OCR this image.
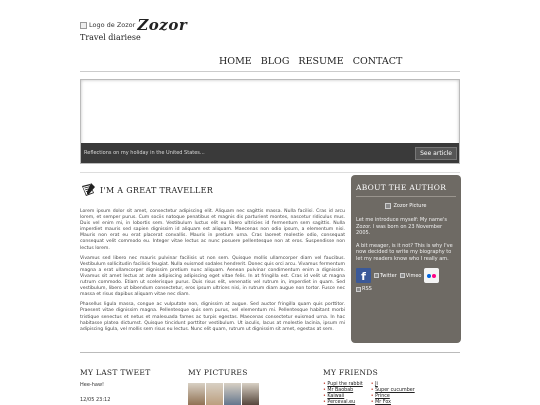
Logo de Zozor Zozor
Travel diariese
HOME BLOG RESUME CONTACT
Reflections on my holiday in the United States...	See article
I'M A GREAT TRAVELLER

Lorem ipsum dolor sit amet, consectetur adipiscing elit. Aliquam nec sagittis massa. Nulla facilisi. Cras id arcu lorem, et semper purus. Cum sociis natoque penatibus et magnis dis parturient montes, nascetur ridiculus mus. Duis vel enim mi, in lobortis sem. Vestibulum luctus elit eu libero ultricies id fermentum sem sagittis. Nulla imperdiet mauris sed sapien dignissim id aliquam est aliquam. Maecenas non odio ipsum, a elementum nisi. Mauris non erat eu erat placerat convallis. Mauris in pretium urna. Cras laoreet molestie odio, consequat consequat velit commodo eu. Integer vitae lectus ac nunc posuere pellentesque non at eros. Suspendisse non lectus lorem.

Vivamus sed libero nec mauris pulvinar facilisis ut non sem. Quisque mollis ullamcorper diam vel faucibus. Vestibulum sollicitudin facilisis feugiat. Nulla euismod sodales hendrerit. Donec quis orci arcu. Vivamus fermentum magna a erat ullamcorper dignissim pretium nunc aliquam. Aenean pulvinar condimentum enim a dignissim. Vivamus sit amet lectus at ante adipiscing adipiscing eget vitae felis. In at fringilla est. Cras id velit ut magna rutrum commodo. Etiam ut scelerisque purus. Duis risus elit, venenatis vel rutrum in, imperdiet in quam. Sed vestibulum, libero ut bibendum consectetur, eros ipsum ultrices nisi, in rutrum diam augue non tortor. Fusce nec massa et risus dapibus aliquam vitae nec diam.

Phasellus ligula massa, congue ac vulputate non, dignissim at augue. Sed auctor fringilla quam quis porttitor. Praesent vitae dignissim magna. Pellentesque quis sem purus, vel elementum mi. Pellentesque habitant morbi tristique senectus et netus et malesuada fames ac turpis egestas. Maecenas consectetur euismod urna. In hac habitasse platea dictumst. Quisque tincidunt porttitor vestibulum. Ut iaculis, lacus at molestie lacinia, ipsum mi adipiscing ligula, vel mollis sem risus eu lectus. Nunc elit quam, rutrum ut dignissim sit amet, egestas at sem.

ABOUT THE AUTHOR
Zozor Picture

Let me introduce myself: My name's Zozor. I was born on 23 November 2005.

A bit meager, is it not? This is why I've now decided to write my biography to let my readers know who I really am.

f	Twitter Vimeo
RSS
MY LAST TWEET
Hee-haw!
12/05 23:12
MY PICTURES	MY FRIENDS
• Pupi the rabbit
• Mr Baobab
• Kaiwaii
• Perceval.eu
• Ji
• Super cucumber
• Prince
• Mr Fox
